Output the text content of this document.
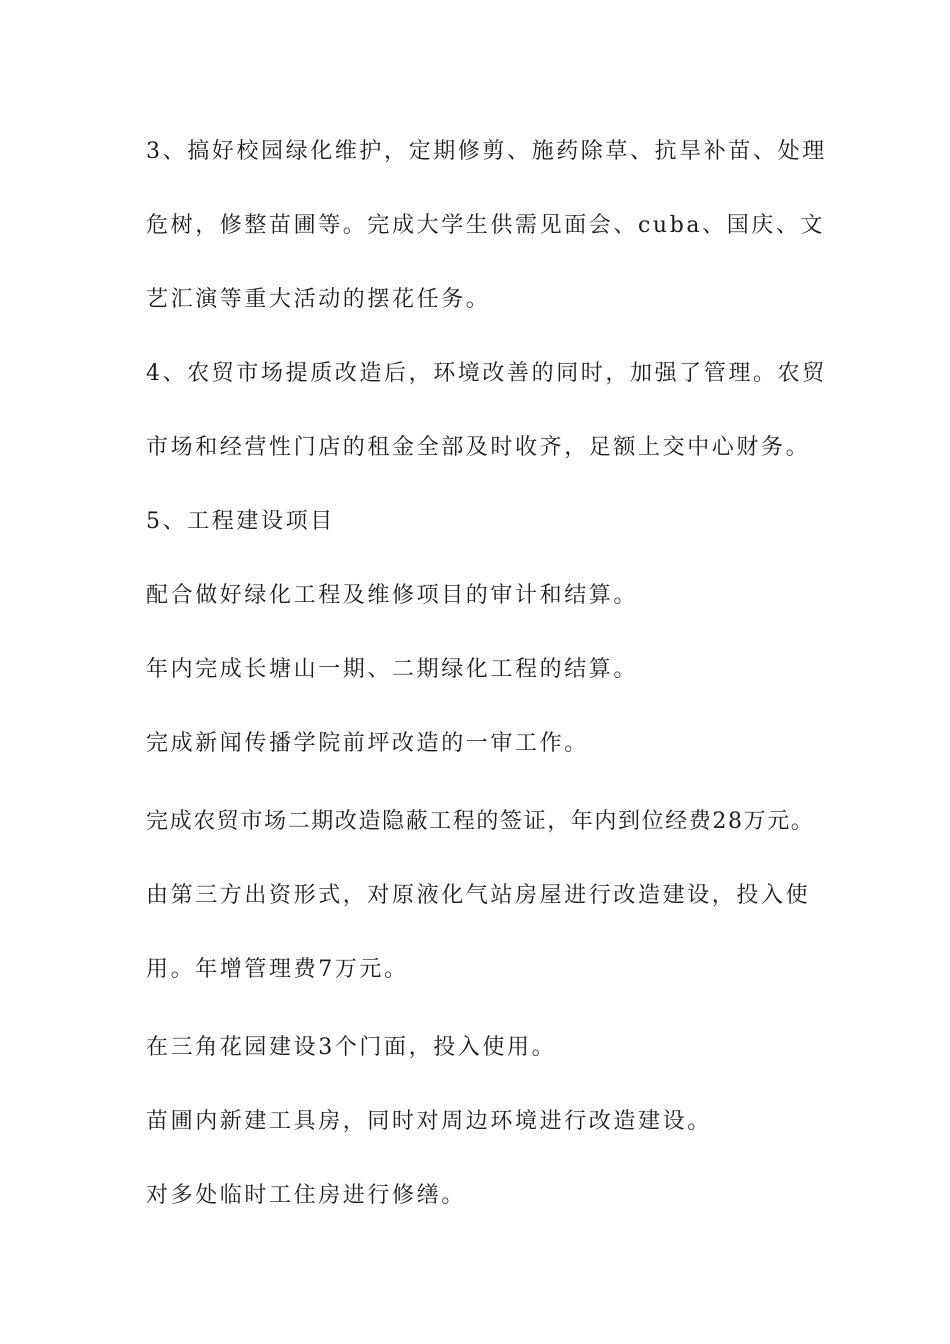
3、搞好校园绿化维护，定期修剪、施药除草、抗旱补苗、处理
危树，修整苗圃等。完成大学生供需见面会、cuba、国庆、文
艺汇演等重大活动的摆花任务。
4、农贸市场提质改造后，环境改善的同时，加强了管理。农贸
市场和经营性门店的租金全部及时收齐，足额上交中心财务。
5、工程建设项目
配合做好绿化工程及维修项目的审计和结算。
年内完成长塘山一期、二期绿化工程的结算。
完成新闻传播学院前坪改造的一审工作。
完成农贸市场二期改造隐蔽工程的签证，年内到位经费28万元。
由第三方出资形式，对原液化气站房屋进行改造建设，投入使
用。年增管理费7万元。
在三角花园建设3个门面，投入使用。
苗圃内新建工具房，同时对周边环境进行改造建设。
对多处临时工住房进行修缮。
